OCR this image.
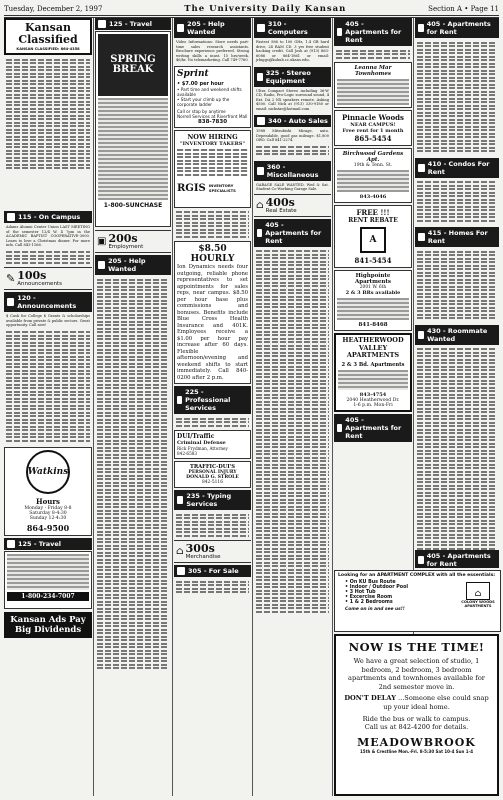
Tuesday, December 2, 1997	The University Daily Kansan	Section A • Page 11
Kansan Classified
KANSAN CLASSIFIED: 864-4358
115 - On Campus
Adams Alumni Center Union LAST MEETING of the semester 12/4 W. 4 7pm in the ACADEMIC BAPTIST COOPERATIVE-3000. Learn to love a Christmas dinner. For more info. Call 843-1166.
✎ 100s
Announcements
120 - Announcements
$ Cash for College $ Grants & scholarships available from private & public sectors. Great opportunity. Call now!
Watkins
Hours
Monday - Friday 8-8
Saturday 8-4:30
Sunday 12-4:30
864-9500
125 - Travel
1-800-234-7007
Kansan Ads Pay Big Dividends
125 - Travel
SPRING BREAK
1-800-SUNCHASE
▣ 200s
Employment
205 - Help Wanted
205 - Help Wanted
Video Informations: Store needs part-time sales research assistants. Brochure experience preferred. Strong writing skills a must. 15 hrs/week. $6/hr. No telemarketing. Call 749-7760
Sprint
• $7.00 per hour
• Part time and weekend shifts available
• Start your climb up the corporate ladder
Call or stop by anytime
Norrell Services at Riverfront Mall
838-7830
NOW HIRING
"INVENTORY TAKERS"
RGIS INVENTORY SPECIALISTS
$8.50 HOURLY
Ion Dynamics needs four outgoing, reliable phone representatives to set appointments for sales reps, near campus. $8.50 per hour base plus commissions and bonuses. Benefits include Blue Cross Health Insurance and 401K. Employees receive a $1.00 per hour pay increase after 60 days. Flexible afternoon/evening and weekend shifts to start immediately. Call 840-0200 after 2 p.m.
225 - Professional Services
DUI/Traffic
Criminal Defense
Rick Frydman, Attorney
842-6583
TRAFFIC-DUI'S
PERSONAL INJURY
DONALD G. STROLE
842-5116
235 - Typing Services
⌂ 300s
Merchandise
305 - For Sale
310 - Computers
Fastest 586 to 100 GHz, 1.4 GB hard drive, 24 RAM CD. 3 yrs free student hacking credit. Call Josh at (913) 863-6086 or 864-1861 or email: jrhiggs@kuhub.cc.ukans.edu.
325 - Stereo Equipment
Ultra Compact Stereo including 36-W CD, Radio, Pro-Logic surround sound, 4 Ext. DA 2 NX speakers remote. Asking $500. Call Nick at (913) 330-9180 or email: nickstar@hotmail.com
340 - Auto Sales
1988 Mitsubishi Mirage, auto. Dependable, good gas mileage. $1,800 OBO. Call 841-2274.
360 - Miscellaneous
GARAGE SALE WANTED. Wed & Sat. Student Co-Working Garage Sale.
⌂ 400s
Real Estate
405 - Apartments for Rent
405 - Apartments for Rent
Leanna Mar Townhomes
Pinnacle Woods
NEAR CAMPUS!
Free rent for 1 month
865-5454
Birchwood Gardens Apt.
19th & Tenn. St.
843-4046
FREE !!!
RENT REBATE
A
841-5454
Highpointe Apartments
2001 W. 6th
2 & 3 BRs available
841-8468
HEATHERWOOD VALLEY APARTMENTS
2 & 3 Bd. Apartments
843-4754
2040 Heatherwood Dr.
1-6 p.m. Mon-Fri
405 - Apartments for Rent
405 - Apartments for Rent
410 - Condos For Rent
415 - Homes For Rent
430 - Roommate Wanted
405 - Apartments for Rent
Looking for an APARTMENT COMPLEX with all the essentials:
• On KU Bus Route
• Indoor / Outdoor Pool
• 3 Hot Tub
• Excercise Room
• 1 & 2 Bedrooms
Come on in and see us!!
⌂
COLONY WOODS APARTMENTS
NOW IS THE TIME!
We have a great selection of studio, 1 bedroom, 2 bedroom, 3 bedroom apartments and townhomes available for 2nd semester move in.
DON'T DELAY ...Someone else could snap up your ideal home.
Ride the bus or walk to campus.
Call us at 842-4200 for details.
MEADOWBROOK
15th & Crestline Mon.-Fri. 8-5:30 Sat 10-4 Sun 1-4
